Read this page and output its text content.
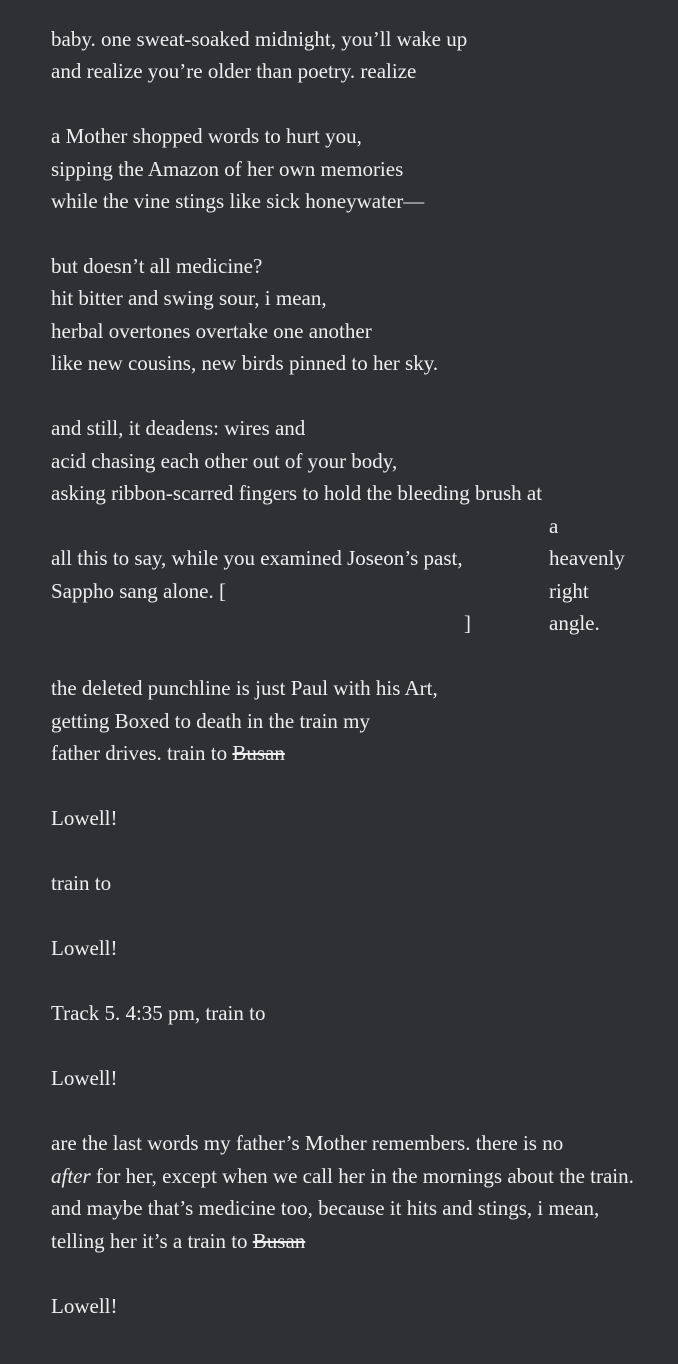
baby. one sweat-soaked midnight, you’ll wake up
and realize you’re older than poetry. realize
a Mother shopped words to hurt you,
sipping the Amazon of her own memories
while the vine stings like sick honeywater—
but doesn’t all medicine?
hit bitter and swing sour, i mean,
herbal overtones overtake one another
like new cousins, new birds pinned to her sky.
and still, it deadens: wires and
acid chasing each other out of your body,
asking ribbon-scarred fingers to hold the bleeding brush at
a
heavenly
right
angle.
all this to say, while you examined Joseon’s past,
Sappho sang alone. [
]
the deleted punchline is just Paul with his Art,
getting Boxed to death in the train my
father drives. train to Busan
Lowell!
train to
Lowell!
Track 5. 4:35 pm, train to
Lowell!
are the last words my father’s Mother remembers. there is no
after for her, except when we call her in the mornings about the train.
and maybe that’s medicine too, because it hits and stings, i mean,
telling her it’s a train to Busan
Lowell!
